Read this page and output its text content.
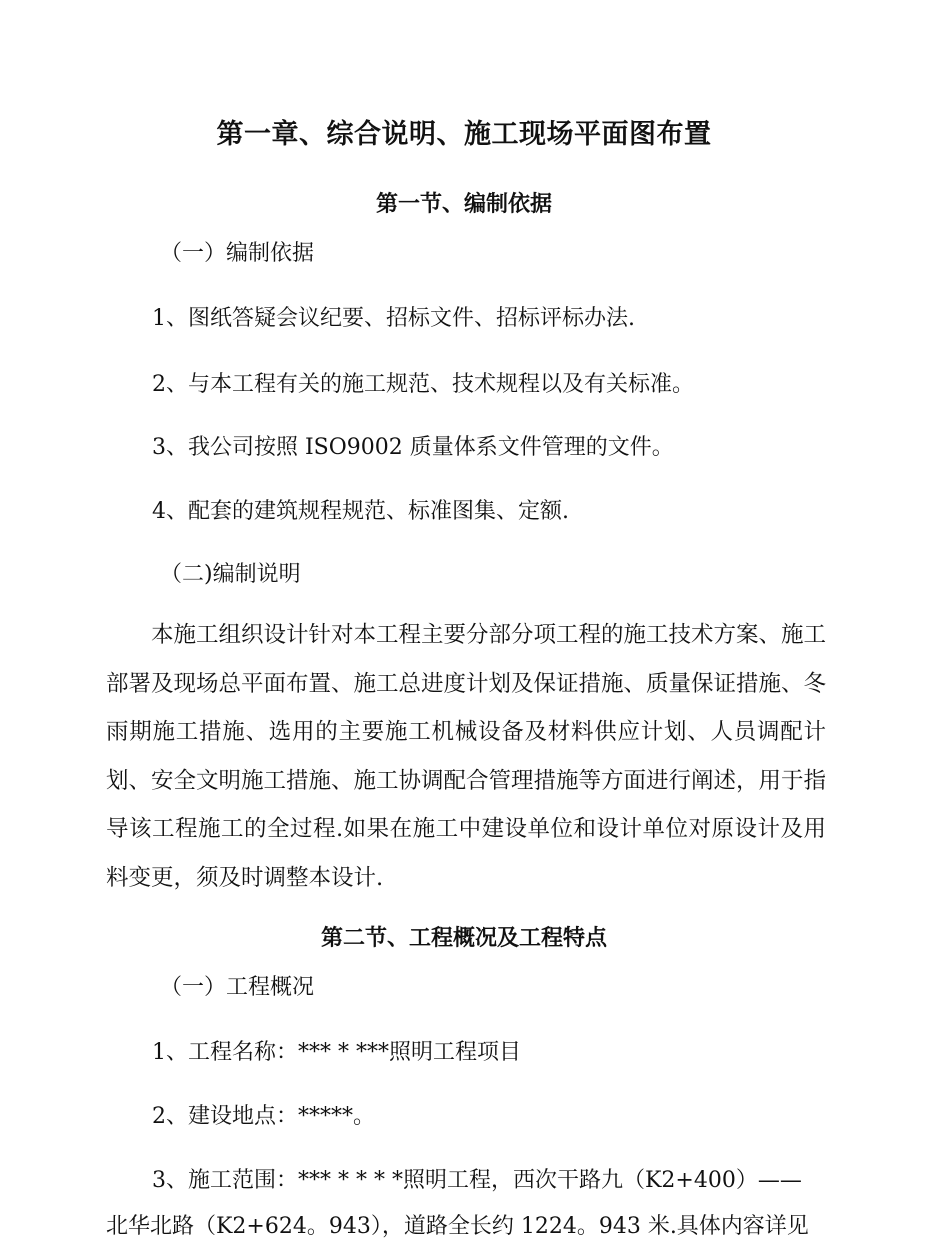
第一章、综合说明、施工现场平面图布置
第一节、编制依据
（一）编制依据
1、图纸答疑会议纪要、招标文件、招标评标办法.
2、与本工程有关的施工规范、技术规程以及有关标准。
3、我公司按照 ISO9002 质量体系文件管理的文件。
4、配套的建筑规程规范、标准图集、定额.
（二)编制说明
本施工组织设计针对本工程主要分部分项工程的施工技术方案、施工部署及现场总平面布置、施工总进度计划及保证措施、质量保证措施、冬雨期施工措施、选用的主要施工机械设备及材料供应计划、人员调配计划、安全文明施工措施、施工协调配合管理措施等方面进行阐述，用于指导该工程施工的全过程.如果在施工中建设单位和设计单位对原设计及用料变更，须及时调整本设计.
第二节、工程概况及工程特点
（一）工程概况
1、工程名称：*** * ***照明工程项目
2、建设地点：*****。
3、施工范围：*** * * * *照明工程，西次干路九（K2+400）——
北华北路（K2+624。943），道路全长约 1224。943 米.具体内容详见
